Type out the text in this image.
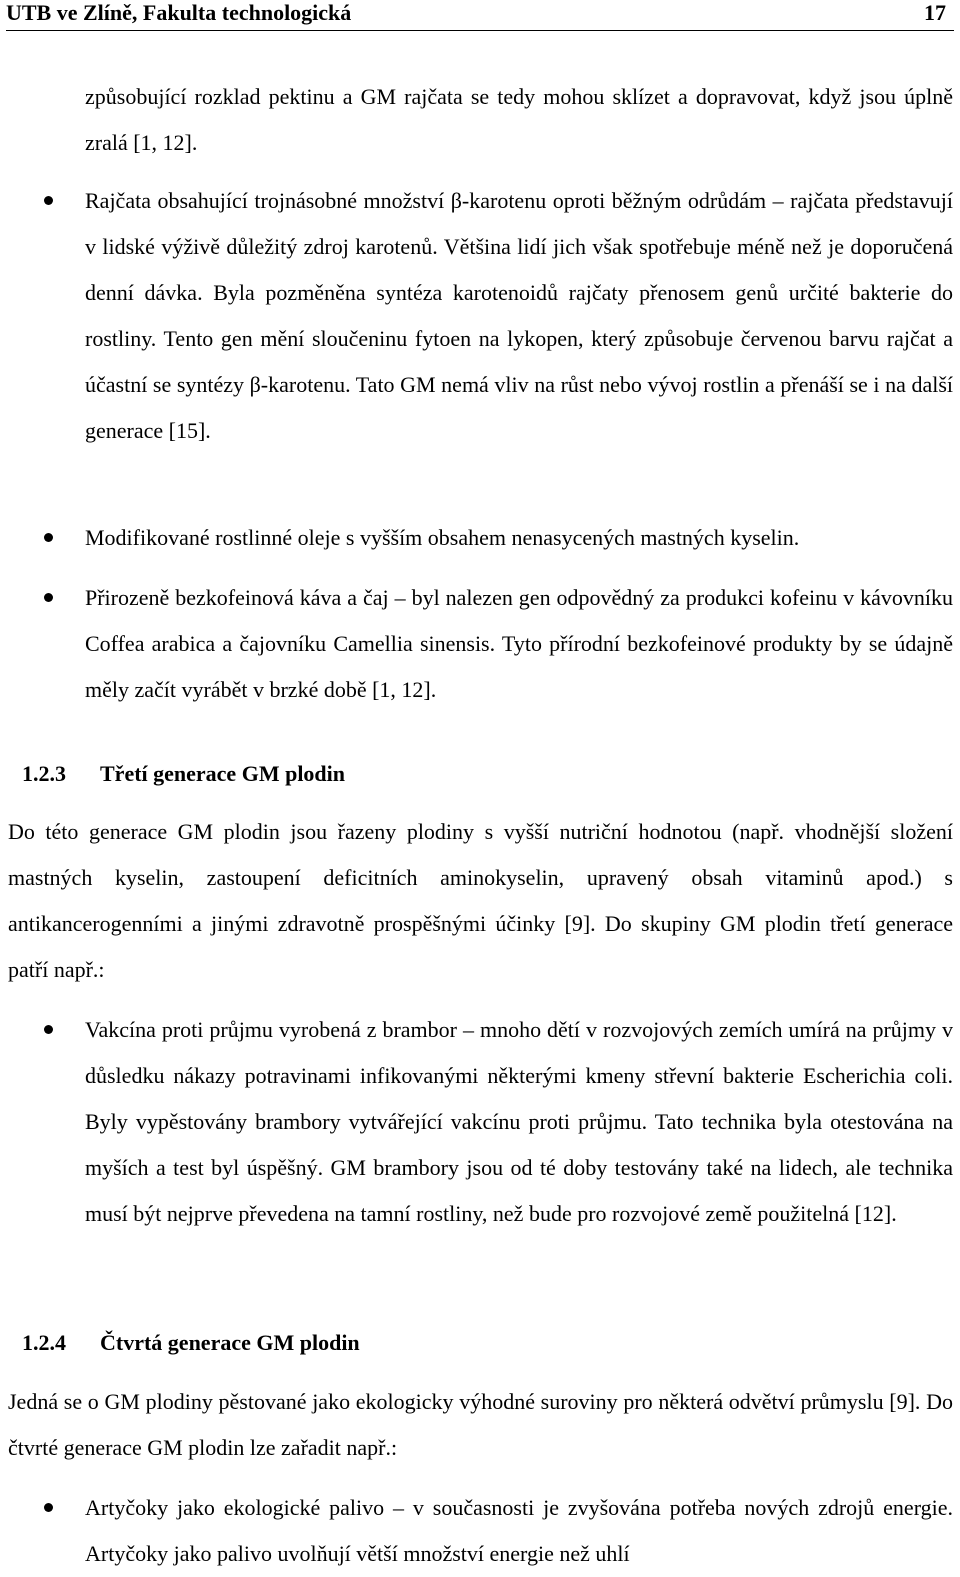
UTB ve Zlíně, Fakulta technologická	17

způsobující rozklad pektinu a GM rajčata se tedy mohou sklízet a dopravovat, když jsou úplně zralá [1, 12].

Rajčata obsahující trojnásobné množství β-karotenu oproti běžným odrůdám – rajčata představují v lidské výživě důležitý zdroj karotenů. Většina lidí jich však spotřebuje méně než je doporučená denní dávka. Byla pozměněna syntéza karotenoidů rajčaty přenosem genů určité bakterie do rostliny. Tento gen mění sloučeninu fytoen na lykopen, který způsobuje červenou barvu rajčat a účastní se syntézy β-karotenu. Tato GM nemá vliv na růst nebo vývoj rostlin a přenáší se i na další generace [15].

Modifikované rostlinné oleje s vyšším obsahem nenasycených mastných kyselin.

Přirozeně bezkofeinová káva a čaj – byl nalezen gen odpovědný za produkci kofeinu v kávovníku Coffea arabica a čajovníku Camellia sinensis. Tyto přírodní bezkofeinové produkty by se údajně měly začít vyrábět v brzké době [1, 12].

1.2.3 Třetí generace GM plodin

Do této generace GM plodin jsou řazeny plodiny s vyšší nutriční hodnotou (např. vhodnější složení mastných kyselin, zastoupení deficitních aminokyselin, upravený obsah vitaminů apod.) s antikancerogenními a jinými zdravotně prospěšnými účinky [9]. Do skupiny GM plodin třetí generace patří např.:

Vakcína proti průjmu vyrobená z brambor – mnoho dětí v rozvojových zemích umírá na průjmy v důsledku nákazy potravinami infikovanými některými kmeny střevní bakterie Escherichia coli. Byly vypěstovány brambory vytvářející vakcínu proti průjmu. Tato technika byla otestována na myších a test byl úspěšný. GM brambory jsou od té doby testovány také na lidech, ale technika musí být nejprve převedena na tamní rostliny, než bude pro rozvojové země použitelná [12].

1.2.4 Čtvrtá generace GM plodin

Jedná se o GM plodiny pěstované jako ekologicky výhodné suroviny pro některá odvětví průmyslu [9]. Do čtvrté generace GM plodin lze zařadit např.:

Artyčoky jako ekologické palivo – v současnosti je zvyšována potřeba nových zdrojů energie. Artyčoky jako palivo uvolňují větší množství energie než uhlí
